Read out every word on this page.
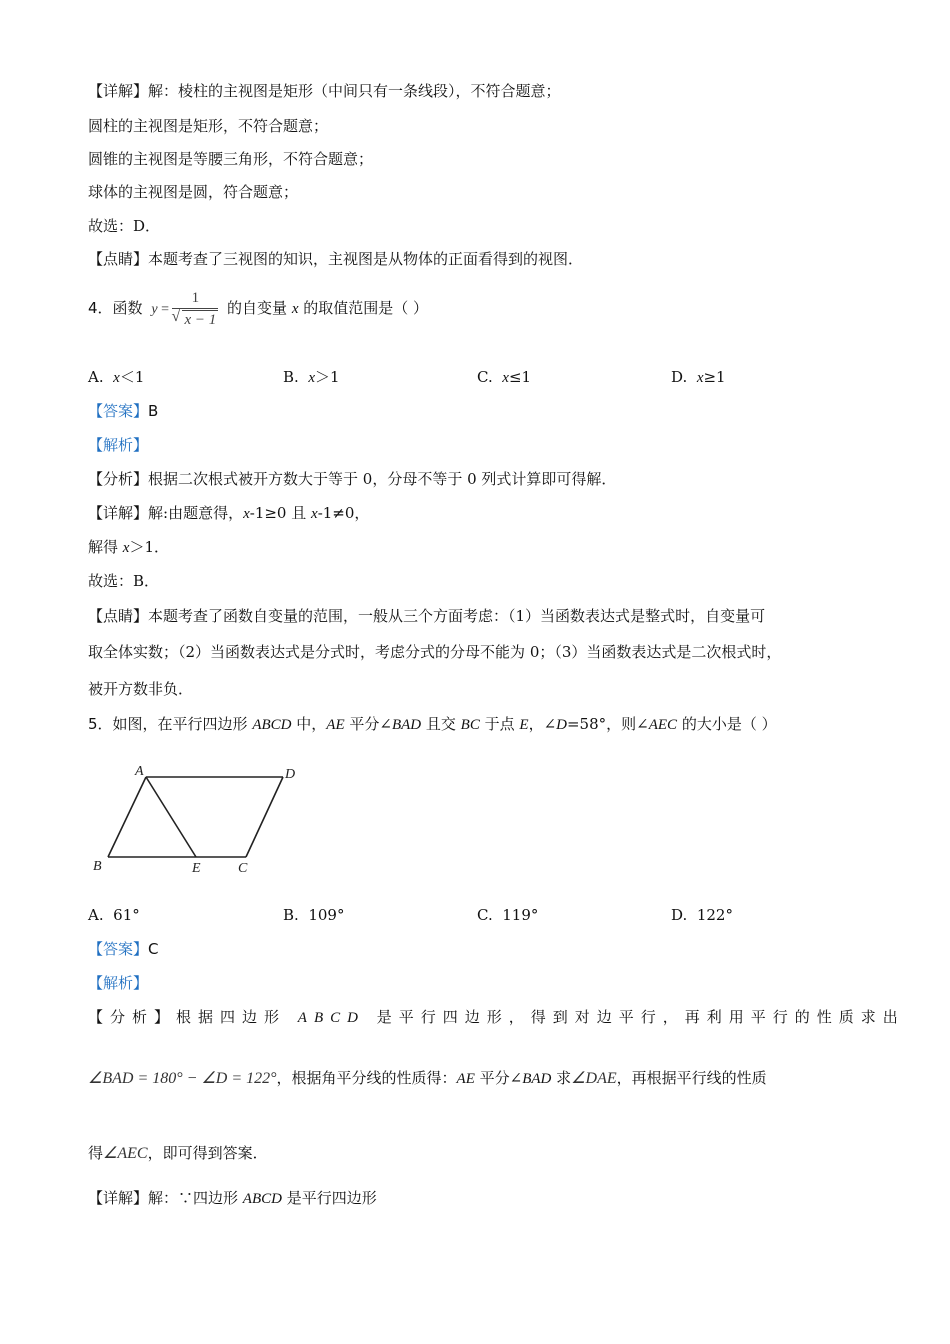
【详解】解：棱柱的主视图是矩形（中间只有一条线段），不符合题意；
圆柱的主视图是矩形，不符合题意；
圆锥的主视图是等腰三角形，不符合题意；
球体的主视图是圆，符合题意；
故选：D．
【点睛】本题考查了三视图的知识，主视图是从物体的正面看得到的视图．
4．函数 y = 1
√ x − 1 的自变量 x 的取值范围是（ ）
A. x＜1	B. x＞1	C. x≤1	D. x≥1
【答案】B
【解析】
【分析】根据二次根式被开方数大于等于 0，分母不等于 0 列式计算即可得解．
【详解】解:由题意得，x-1≥0 且 x-1≠0，
解得 x＞1．
故选：B．
【点睛】本题考查了函数自变量的范围，一般从三个方面考虑：（1）当函数表达式是整式时，自变量可
取全体实数；（2）当函数表达式是分式时，考虑分式的分母不能为 0；（3）当函数表达式是二次根式时，
被开方数非负．
5．如图，在平行四边形 ABCD 中，AE 平分∠BAD 且交 BC 于点 E，∠D=58°，则∠AEC 的大小是（ ）
A	D
B	E	C
A. 61°	B. 109°	C. 119°	D. 122°
【答案】C
【解析】
【分析】根据四边形 ABCD 是平行四边形，得到对边平行，再利用平行的性质求出
∠BAD = 180° − ∠D = 122°，根据角平分线的性质得：AE 平分∠BAD 求∠DAE，再根据平行线的性质
得∠AEC，即可得到答案．
【详解】解：∵四边形 ABCD 是平行四边形
